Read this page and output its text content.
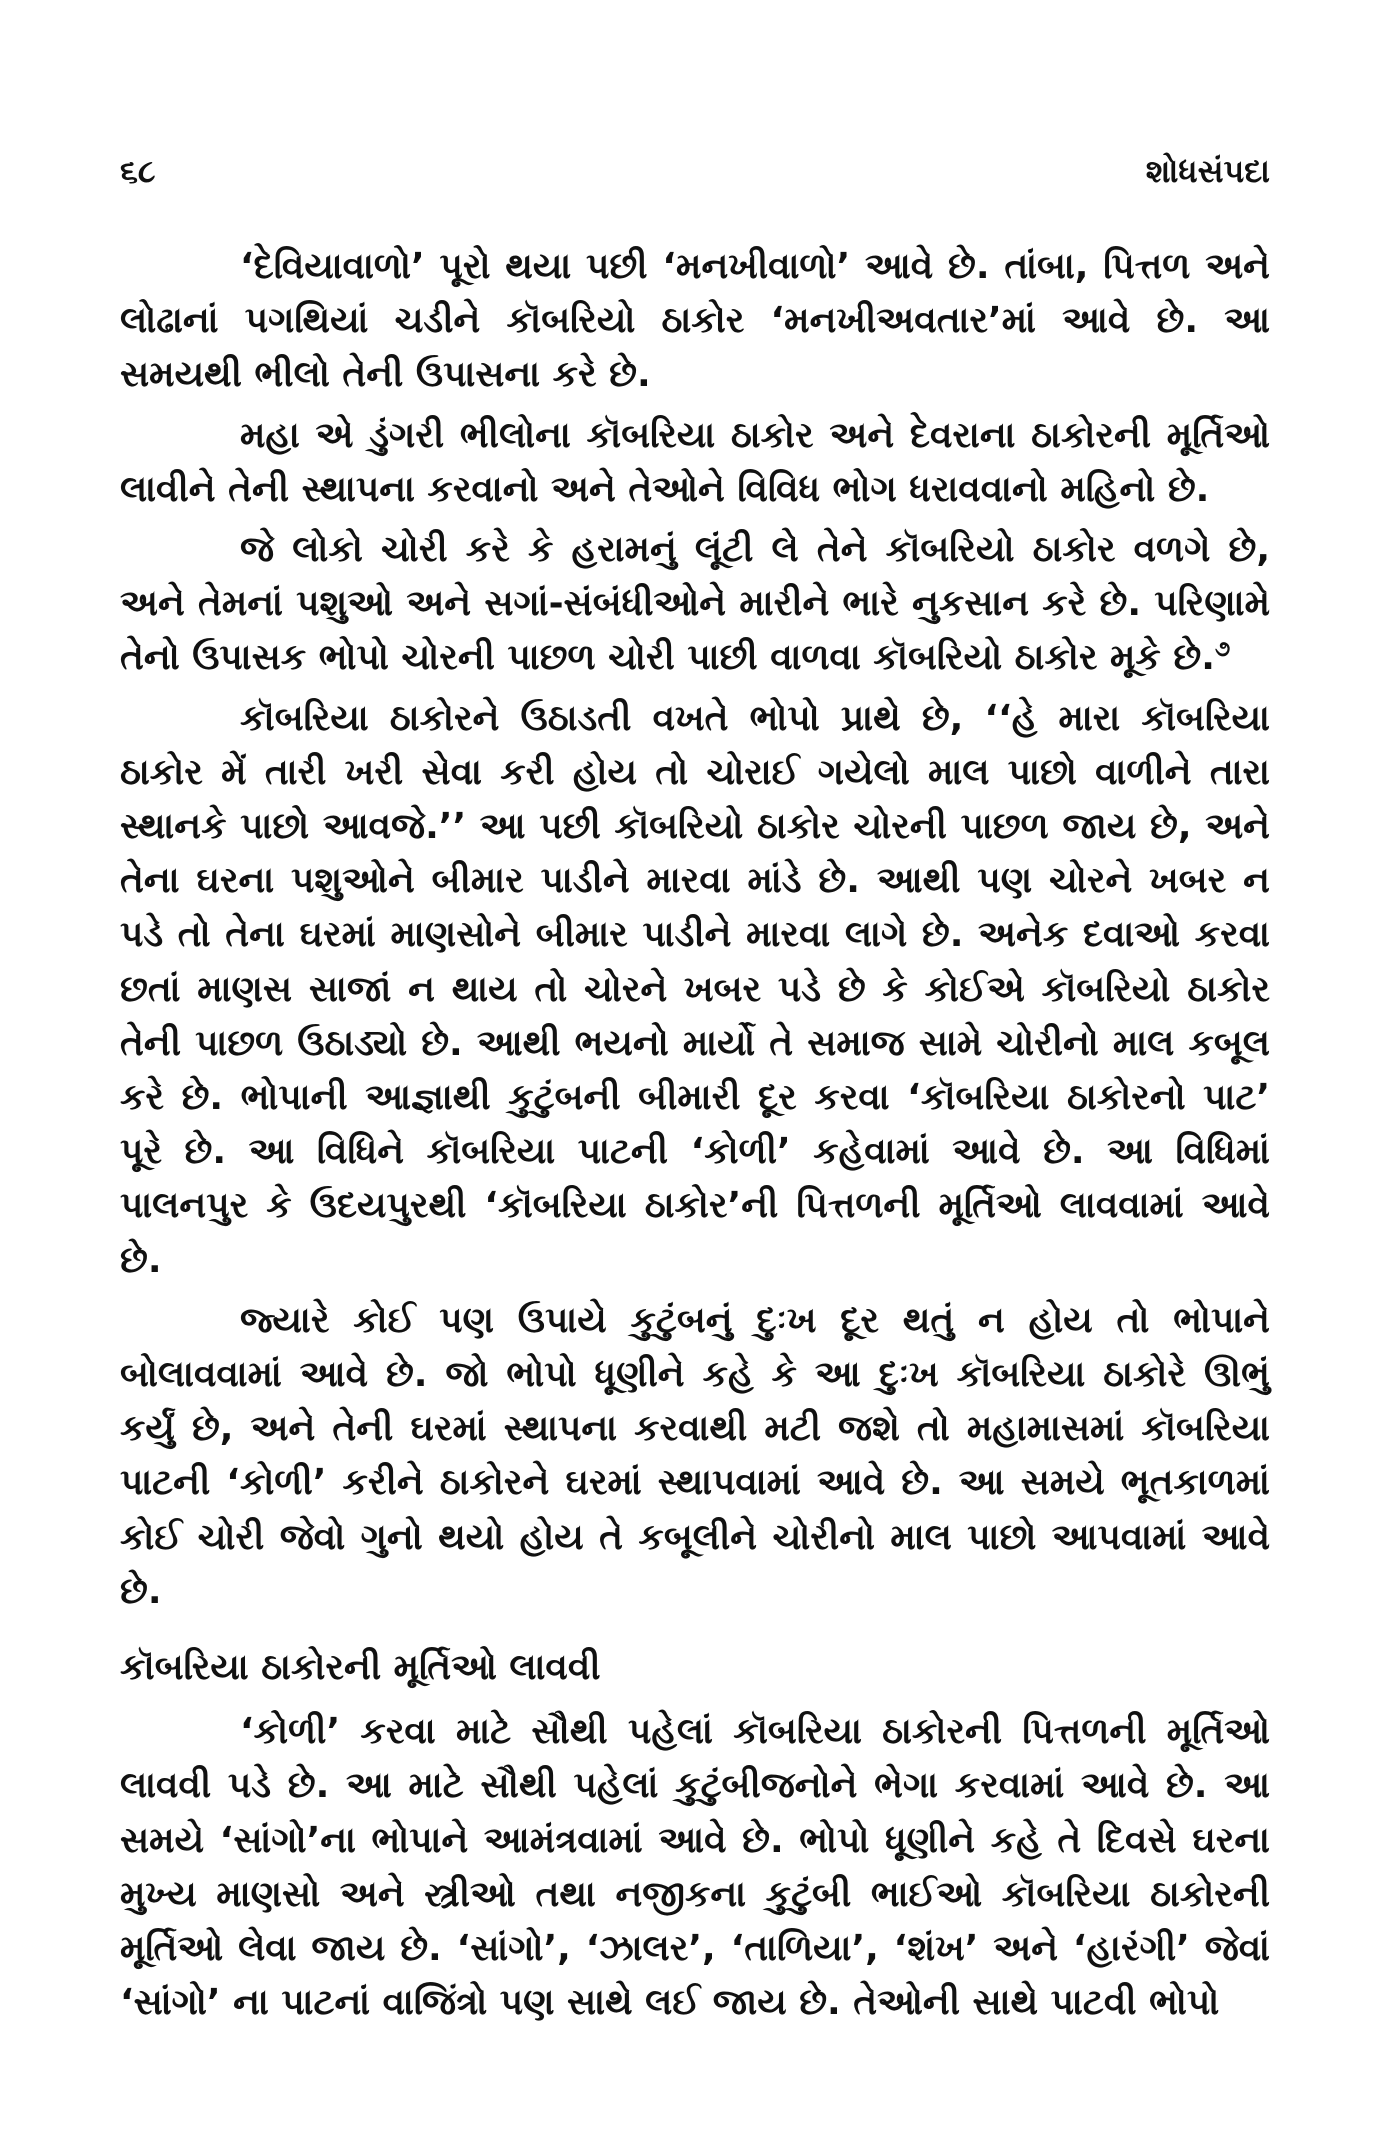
૬૮	શોધસંપદા

‘દેવિયાવાળો’ પૂરો થયા પછી ‘મનખીવાળો’ આવે છે. તાંબા, પિત્તળ અને લોઢાનાં પગથિયાં ચડીને કૉબરિયો ઠાકોર ‘મનખીઅવતાર’માં આવે છે. આ સમયથી ભીલો તેની ઉપાસના કરે છે.

મહા એ ડુંગરી ભીલોના કૉબરિયા ઠાકોર અને દેવરાના ઠાકોરની મૂર્તિઓ લાવીને તેની સ્થાપના કરવાનો અને તેઓને વિવિધ ભોગ ધરાવવાનો મહિનો છે.

જે લોકો ચોરી કરે કે હરામનું લૂંટી લે તેને કૉબરિયો ઠાકોર વળગે છે, અને તેમનાં પશુઓ અને સગાં-સંબંધીઓને મારીને ભારે નુકસાન કરે છે. પરિણામે તેનો ઉપાસક ભોપો ચોરની પાછળ ચોરી પાછી વાળવા કૉબરિયો ઠાકોર મૂકે છે.$^૭$

કૉબરિયા ઠાકોરને ઉઠાડતી વખતે ભોપો પ્રાથે છે, ‘‘હે મારા કૉબરિયા ઠાકોર મેં તારી ખરી સેવા કરી હોય તો ચોરાઈ ગયેલો માલ પાછો વાળીને તારા સ્થાનકે પાછો આવજે.’’ આ પછી કૉબરિયો ઠાકોર ચોરની પાછળ જાય છે, અને તેના ઘરના પશુઓને બીમાર પાડીને મારવા માંડે છે. આથી પણ ચોરને ખબર ન પડે તો તેના ઘરમાં માણસોને બીમાર પાડીને મારવા લાગે છે. અનેક દવાઓ કરવા છતાં માણસ સાજાં ન થાય તો ચોરને ખબર પડે છે કે કોઈએ કૉબરિયો ઠાકોર તેની પાછળ ઉઠાડ્યો છે. આથી ભયનો માર્યો તે સમાજ સામે ચોરીનો માલ કબૂલ કરે છે. ભોપાની આજ્ઞાથી કુટુંબની બીમારી દૂર કરવા ‘કૉબરિયા ઠાકોરનો પાટ’ પૂરે છે. આ વિધિને કૉબરિયા પાટની ‘કોળી’ કહેવામાં આવે છે. આ વિધિમાં પાલનપુર કે ઉદયપુરથી ‘કૉબરિયા ઠાકોર’ની પિત્તળની મૂર્તિઓ લાવવામાં આવે છે.

જ્યારે કોઈ પણ ઉપાયે કુટુંબનું દુઃખ દૂર થતું ન હોય તો ભોપાને બોલાવવામાં આવે છે. જો ભોપો ધૂણીને કહે કે આ દુઃખ કૉબરિયા ઠાકોરે ઊભું કર્યું છે, અને તેની ઘરમાં સ્થાપના કરવાથી મટી જશે તો મહામાસમાં કૉબરિયા પાટની ‘કોળી’ કરીને ઠાકોરને ઘરમાં સ્થાપવામાં આવે છે. આ સમયે ભૂતકાળમાં કોઈ ચોરી જેવો ગુનો થયો હોય તે કબૂલીને ચોરીનો માલ પાછો આપવામાં આવે છે.

કૉબરિયા ઠાકોરની મૂર્તિઓ લાવવી

‘કોળી’ કરવા માટે સૌથી પહેલાં કૉબરિયા ઠાકોરની પિત્તળની મૂર્તિઓ લાવવી પડે છે. આ માટે સૌથી પહેલાં કુટુંબીજનોને ભેગા કરવામાં આવે છે. આ સમયે ‘સાંગો’ના ભોપાને આમંત્રવામાં આવે છે. ભોપો ધૂણીને કહે તે દિવસે ઘરના મુખ્ય માણસો અને સ્ત્રીઓ તથા નજીકના કુટુંબી ભાઈઓ કૉબરિયા ઠાકોરની મૂર્તિઓ લેવા જાય છે. ‘સાંગો’, ‘ઝાલર’, ‘તાળિયા’, ‘શંખ’ અને ‘હારંગી’ જેવાં ‘સાંગો’ ના પાટનાં વાજિંત્રો પણ સાથે લઈ જાય છે. તેઓની સાથે પાટવી ભોપો
